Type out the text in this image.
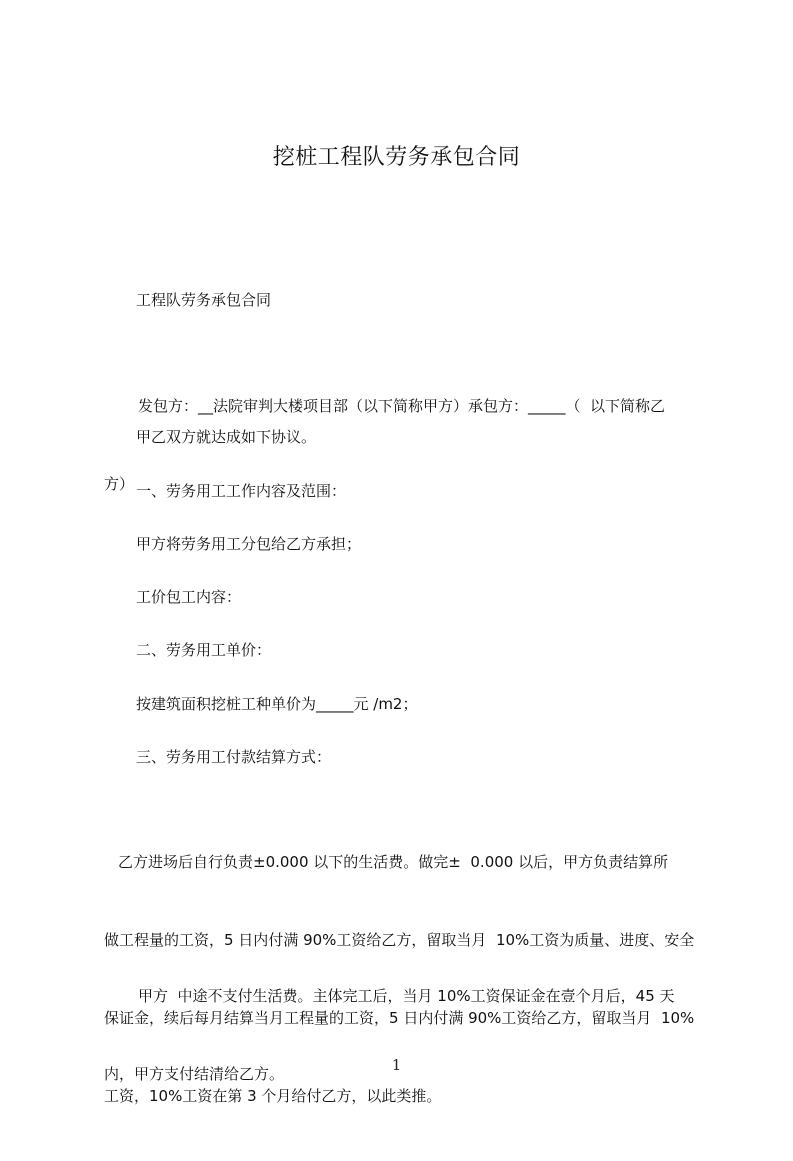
挖桩工程队劳务承包合同
工程队劳务承包合同

发包方：__法院审判大楼项目部（以下简称甲方）承包方：_____（  以下简称乙

方）

甲乙双方就达成如下协议。
一、劳务用工工作内容及范围：
甲方将劳务用工分包给乙方承担；
工价包工内容：
二、劳务用工单价：
按建筑面积挖桩工种单价为_____元 /m2；
三、劳务用工付款结算方式：

乙方进场后自行负责±0.000 以下的生活费。做完±  0.000 以后，甲方负责结算所

做工程量的工资，5 日内付满 90%工资给乙方，留取当月  10%工资为质量、进度、安全

保证金，续后每月结算当月工程量的工资，5 日内付满 90%工资给乙方，留取当月  10%

工资，10%工资在第 3 个月给付乙方，以此类推。

甲方  中途不支付生活费。主体完工后，当月 10%工资保证金在壹个月后，45 天

内，甲方支付结清给乙方。

	1
